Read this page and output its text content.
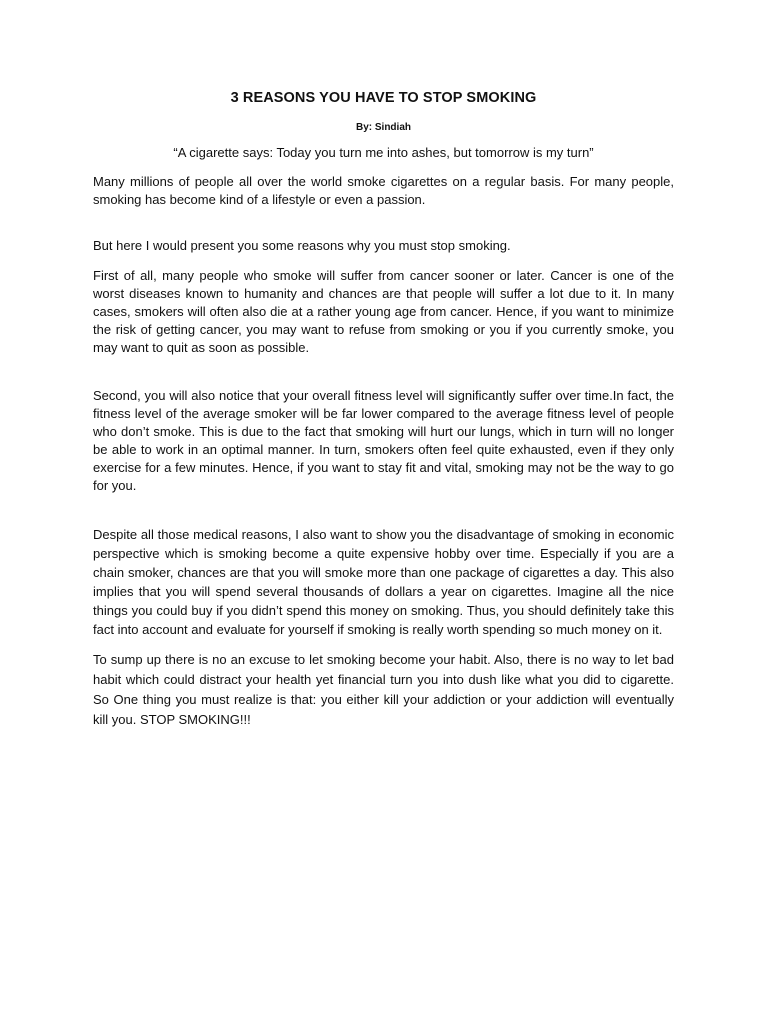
3 REASONS YOU HAVE TO STOP SMOKING

By: Sindiah

“A cigarette says: Today you turn me into ashes, but tomorrow is my turn”

Many millions of people all over the world smoke cigarettes on a regular basis. For many people, smoking has become kind of a lifestyle or even a passion.

But here I would present you some reasons why you must stop smoking.

First of all, many people who smoke will suffer from cancer sooner or later. Cancer is one of the worst diseases known to humanity and chances are that people will suffer a lot due to it. In many cases, smokers will often also die at a rather young age from cancer. Hence, if you want to minimize the risk of getting cancer, you may want to refuse from smoking or you if you currently smoke, you may want to quit as soon as possible.

Second, you will also notice that your overall fitness level will significantly suffer over time.In fact, the fitness level of the average smoker will be far lower compared to the average fitness level of people who don’t smoke. This is due to the fact that smoking will hurt our lungs, which in turn will no longer be able to work in an optimal manner. In turn, smokers often feel quite exhausted, even if they only exercise for a few minutes. Hence, if you want to stay fit and vital, smoking may not be the way to go for you.

Despite all those medical reasons, I also want to show you the disadvantage of smoking in economic perspective which is smoking become a quite expensive hobby over time. Especially if you are a chain smoker, chances are that you will smoke more than one package of cigarettes a day. This also implies that you will spend several thousands of dollars a year on cigarettes. Imagine all the nice things you could buy if you didn’t spend this money on smoking. Thus, you should definitely take this fact into account and evaluate for yourself if smoking is really worth spending so much money on it.

To sump up there is no an excuse to let smoking become your habit. Also, there is no way to let bad habit which could distract your health yet financial turn you into dush like what you did to cigarette. So One thing you must realize is that: you either kill your addiction or your addiction will eventually kill you. STOP SMOKING!!!
